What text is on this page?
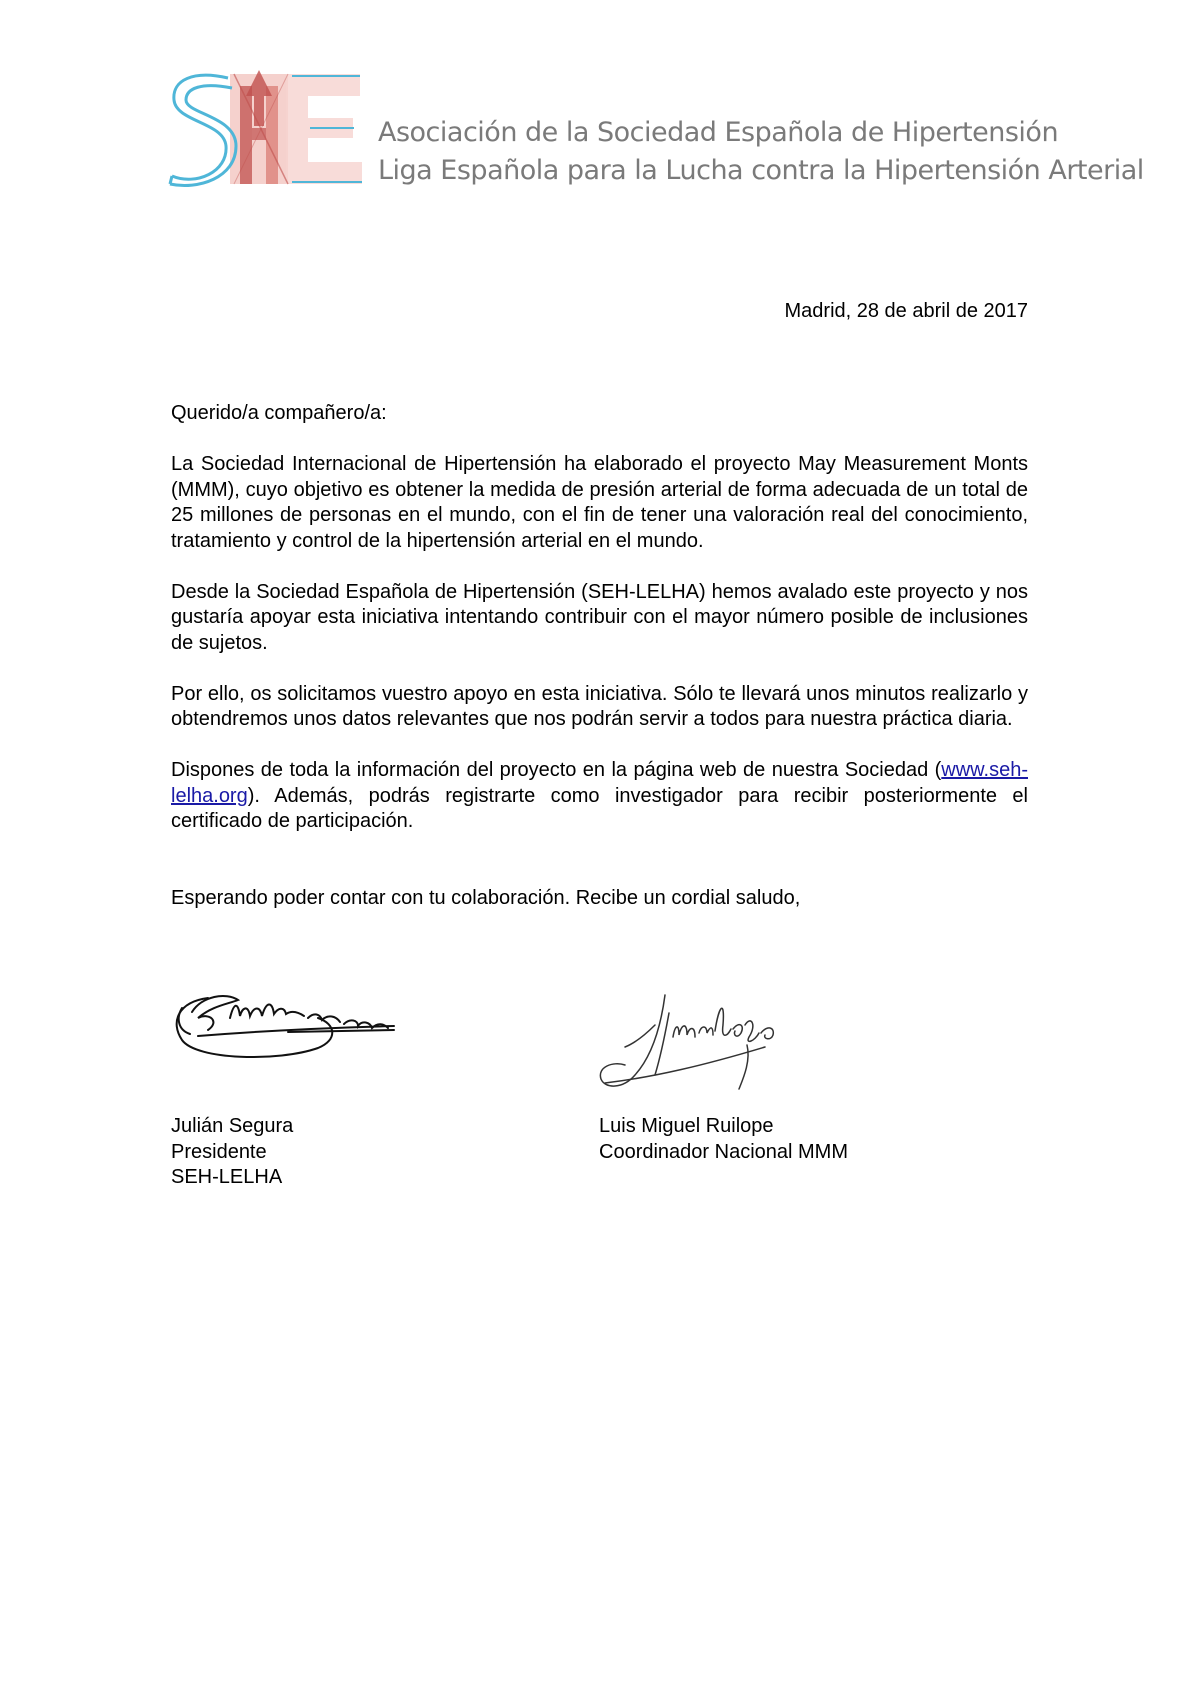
Asociación de la Sociedad Española de Hipertensión
Liga Española para la Lucha contra la Hipertensión Arterial
Madrid, 28 de abril de 2017

Querido/a compañero/a:

La Sociedad Internacional de Hipertensión ha elaborado el proyecto May Measurement Monts (MMM), cuyo objetivo es obtener la medida de presión arterial de forma adecuada de un total de 25 millones de personas en el mundo, con el fin de tener una valoración real del conocimiento, tratamiento y control de la hipertensión arterial en el mundo.

Desde la Sociedad Española de Hipertensión (SEH-LELHA) hemos avalado este proyecto y nos gustaría apoyar esta iniciativa intentando contribuir con el mayor número posible de inclusiones de sujetos.

Por ello, os solicitamos vuestro apoyo en esta iniciativa. Sólo te llevará unos minutos realizarlo y obtendremos unos datos relevantes que nos podrán servir a todos para nuestra práctica diaria.

Dispones de toda la información del proyecto en la página web de nuestra Sociedad (www.seh-lelha.org). Además, podrás registrarte como investigador para recibir posteriormente el certificado de participación.

Esperando poder contar con tu colaboración. Recibe un cordial saludo,

Julián Segura
Presidente
SEH-LELHA
Luis Miguel Ruilope
Coordinador Nacional MMM
